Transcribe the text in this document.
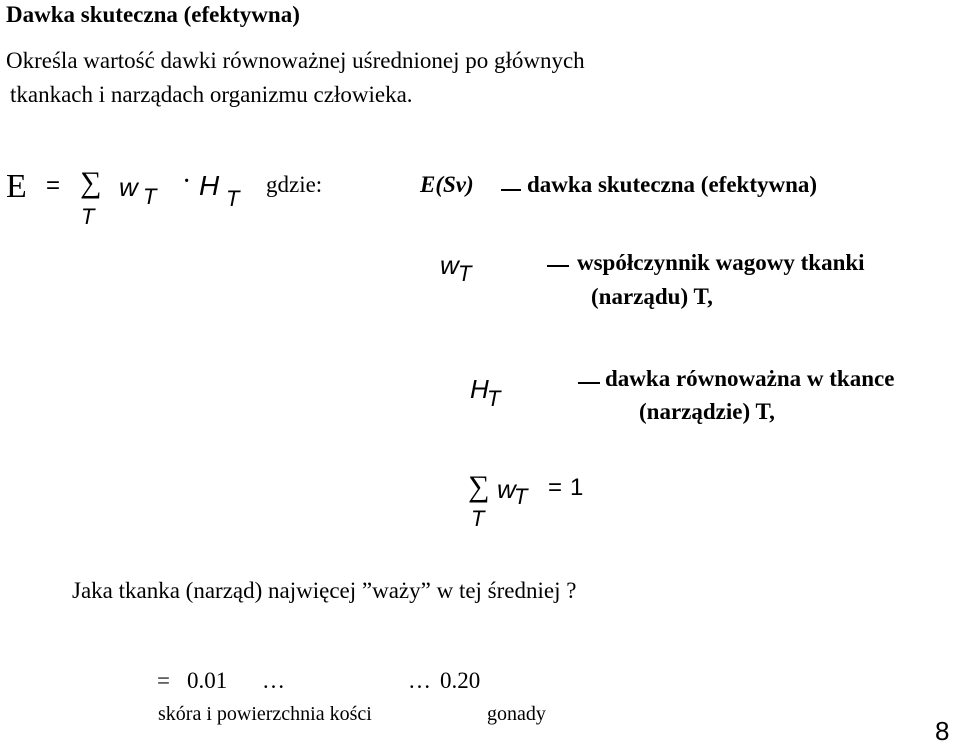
Dawka skuteczna (efektywna)
Określa wartość dawki równoważnej uśrednionej po głównych
tkankach i narządach organizmu człowieka.
E = ∑
T
w T · H T
gdzie:	E(Sv) dawka skuteczna (efektywna)
w T	współczynnik wagowy tkanki
(narządu) T,
H
T
dawka równoważna w tkance
(narządzie) T,
∑
T
w
T = 1
Jaka tkanka (narząd) najwięcej ”waży” w tej średniej ?
= 0.01 …	… 0.20
skóra i powierzchnia kości	gonady
8
